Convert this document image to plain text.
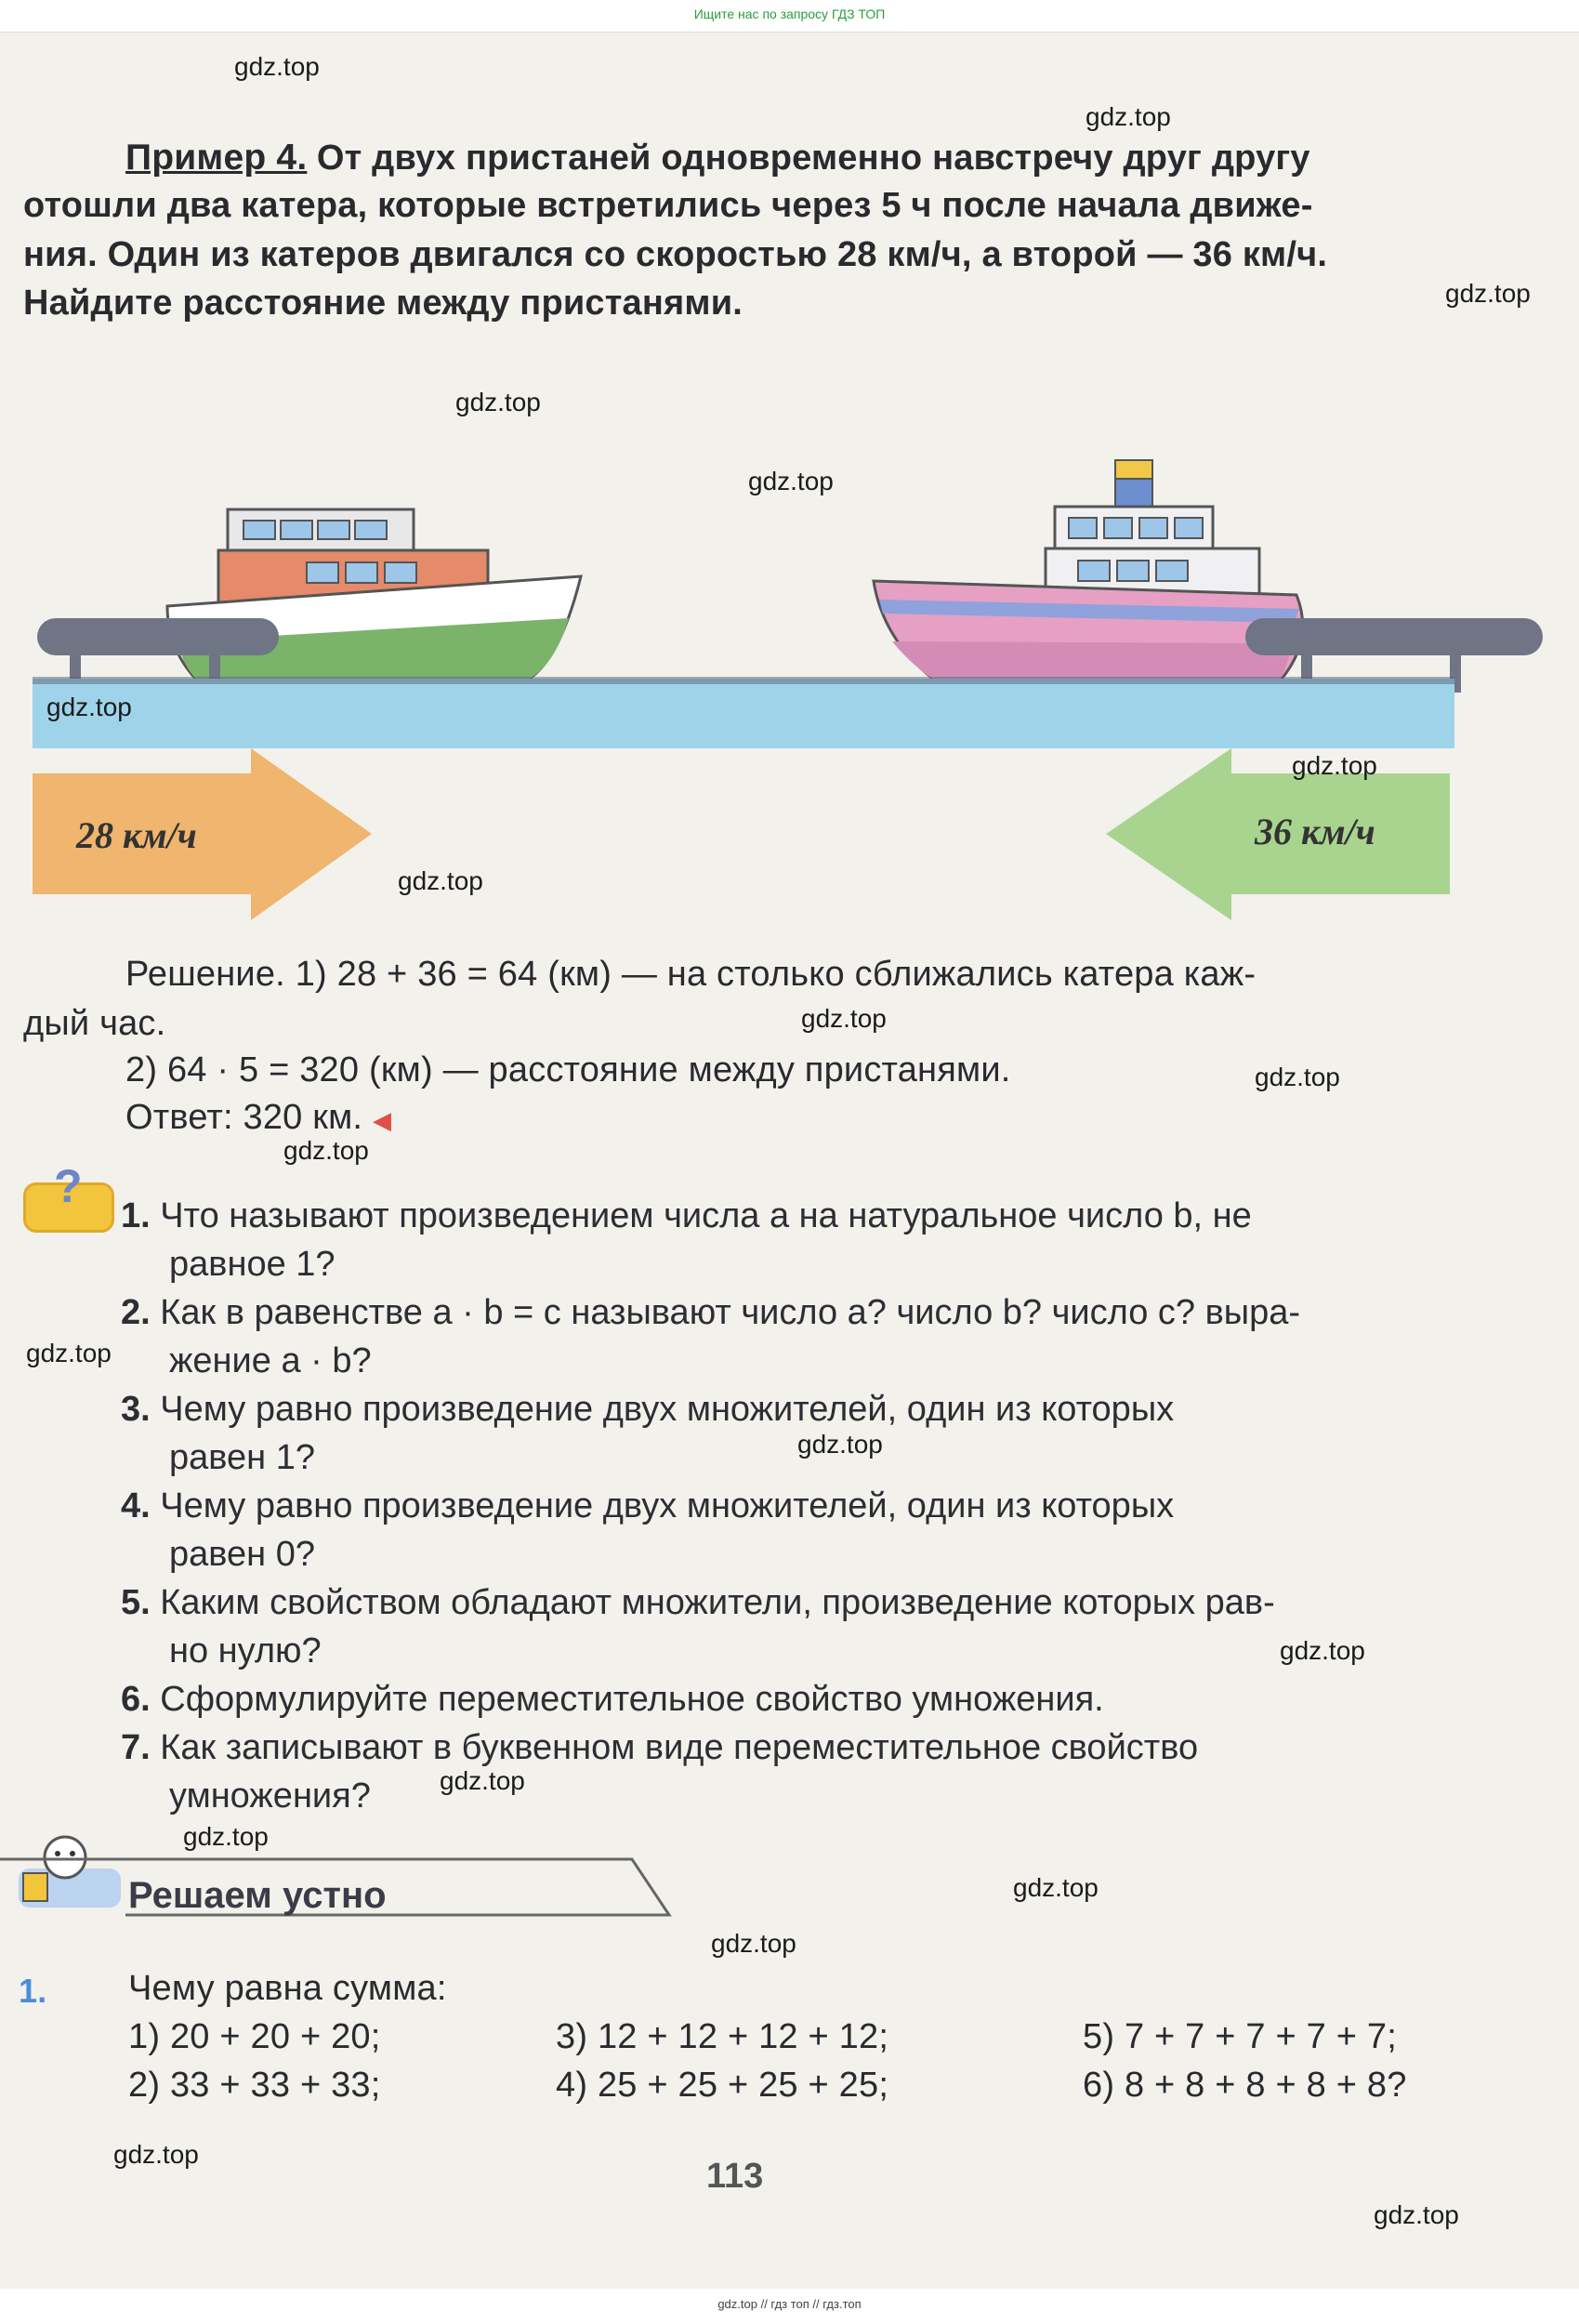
Ищите нас по запросу ГДЗ ТОП
Пример 4. От двух пристаней одновременно навстречу друг другу
отошли два катера, которые встретились через 5 ч после начала движе-
ния. Один из катеров двигался со скоростью 28 км/ч, а второй — 36 км/ч.
Найдите расстояние между пристанями.
28 км/ч	36 км/ч
Решение. 1) 28 + 36 = 64 (км) — на столько сближались катера каж-
дый час.
2) 64 · 5 = 320 (км) — расстояние между пристанями.
Ответ: 320 км. ◀
?
1. Что называют произведением числа a на натуральное число b, не
равное 1?
2. Как в равенстве a · b = c называют число a? число b? число c? выра-
жение a · b?
3. Чему равно произведение двух множителей, один из которых
равен 1?
4. Чему равно произведение двух множителей, один из которых
равен 0?
5. Каким свойством обладают множители, произведение которых рав-
но нулю?
6. Сформулируйте переместительное свойство умножения.
7. Как записывают в буквенном виде переместительное свойство
умножения?
Решаем устно
1. Чему равна сумма:
1) 20 + 20 + 20;	3) 12 + 12 + 12 + 12;	5) 7 + 7 + 7 + 7 + 7;
2) 33 + 33 + 33;	4) 25 + 25 + 25 + 25;	6) 8 + 8 + 8 + 8 + 8?
113
gdz.top
gdz.top
gdz.top
gdz.top
gdz.top
gdz.top
gdz.top
gdz.top
gdz.top
gdz.top
gdz.top
gdz.top
gdz.top
gdz.top
gdz.top
gdz.top
gdz.top
gdz.top
gdz.top
gdz.top
gdz.top // гдз топ // гдз.топ
